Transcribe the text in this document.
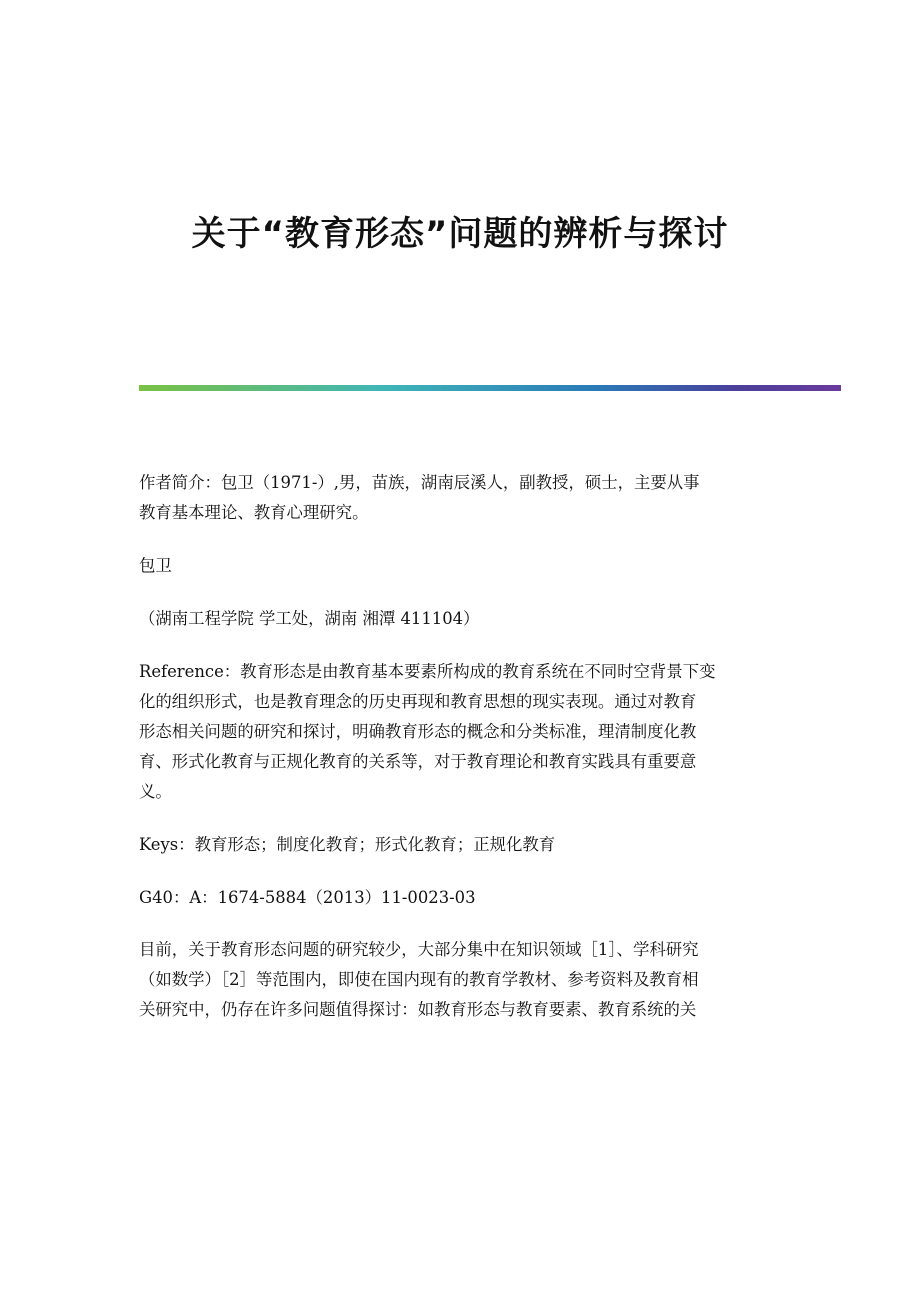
关于“教育形态”问题的辨析与探讨

作者简介：包卫（1971-）,男，苗族，湖南辰溪人，副教授，硕士，主要从事
教育基本理论、教育心理研究。

包卫

（湖南工程学院 学工处，湖南 湘潭 411104）

Reference：教育形态是由教育基本要素所构成的教育系统在不同时空背景下变
化的组织形式，也是教育理念的历史再现和教育思想的现实表现。通过对教育
形态相关问题的研究和探讨，明确教育形态的概念和分类标准，理清制度化教
育、形式化教育与正规化教育的关系等，对于教育理论和教育实践具有重要意
义。

Keys：教育形态；制度化教育；形式化教育；正规化教育

G40：A：1674-5884（2013）11-0023-03

目前，关于教育形态问题的研究较少，大部分集中在知识领域［1］、学科研究
（如数学）［2］等范围内，即使在国内现有的教育学教材、参考资料及教育相
关研究中，仍存在许多问题值得探讨：如教育形态与教育要素、教育系统的关
